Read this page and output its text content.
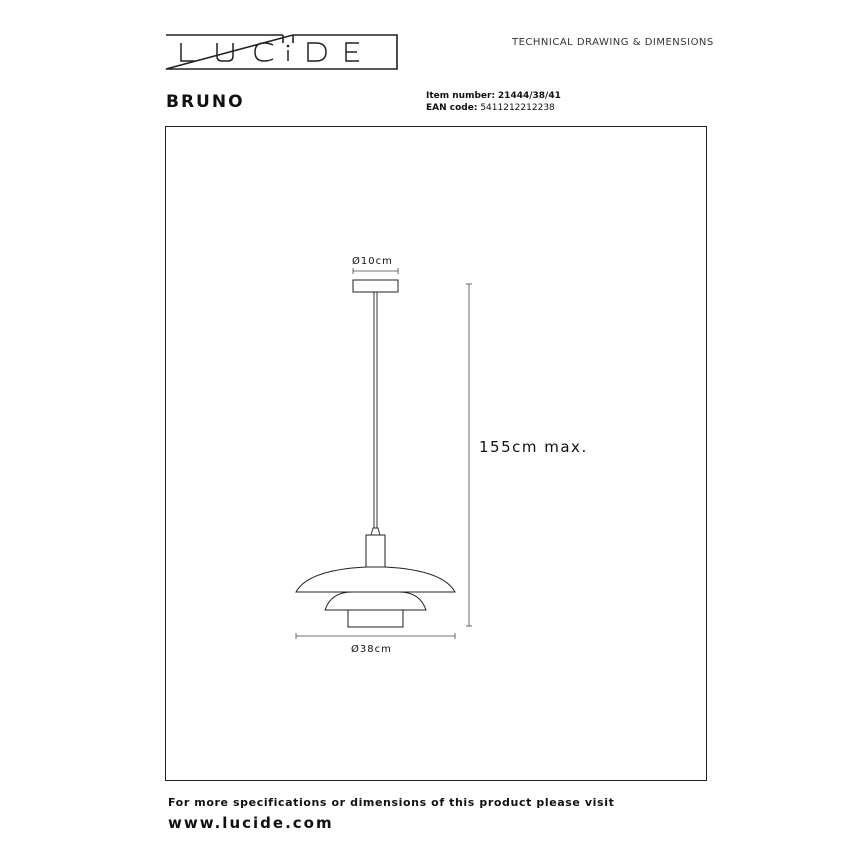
TECHNICAL DRAWING & DIMENSIONS
BRUNO	Item number: 21444/38/41
EAN code: 5411212212238
Ø10cm
155cm max.
Ø38cm
For more specifications or dimensions of this product please visit
www.lucide.com
